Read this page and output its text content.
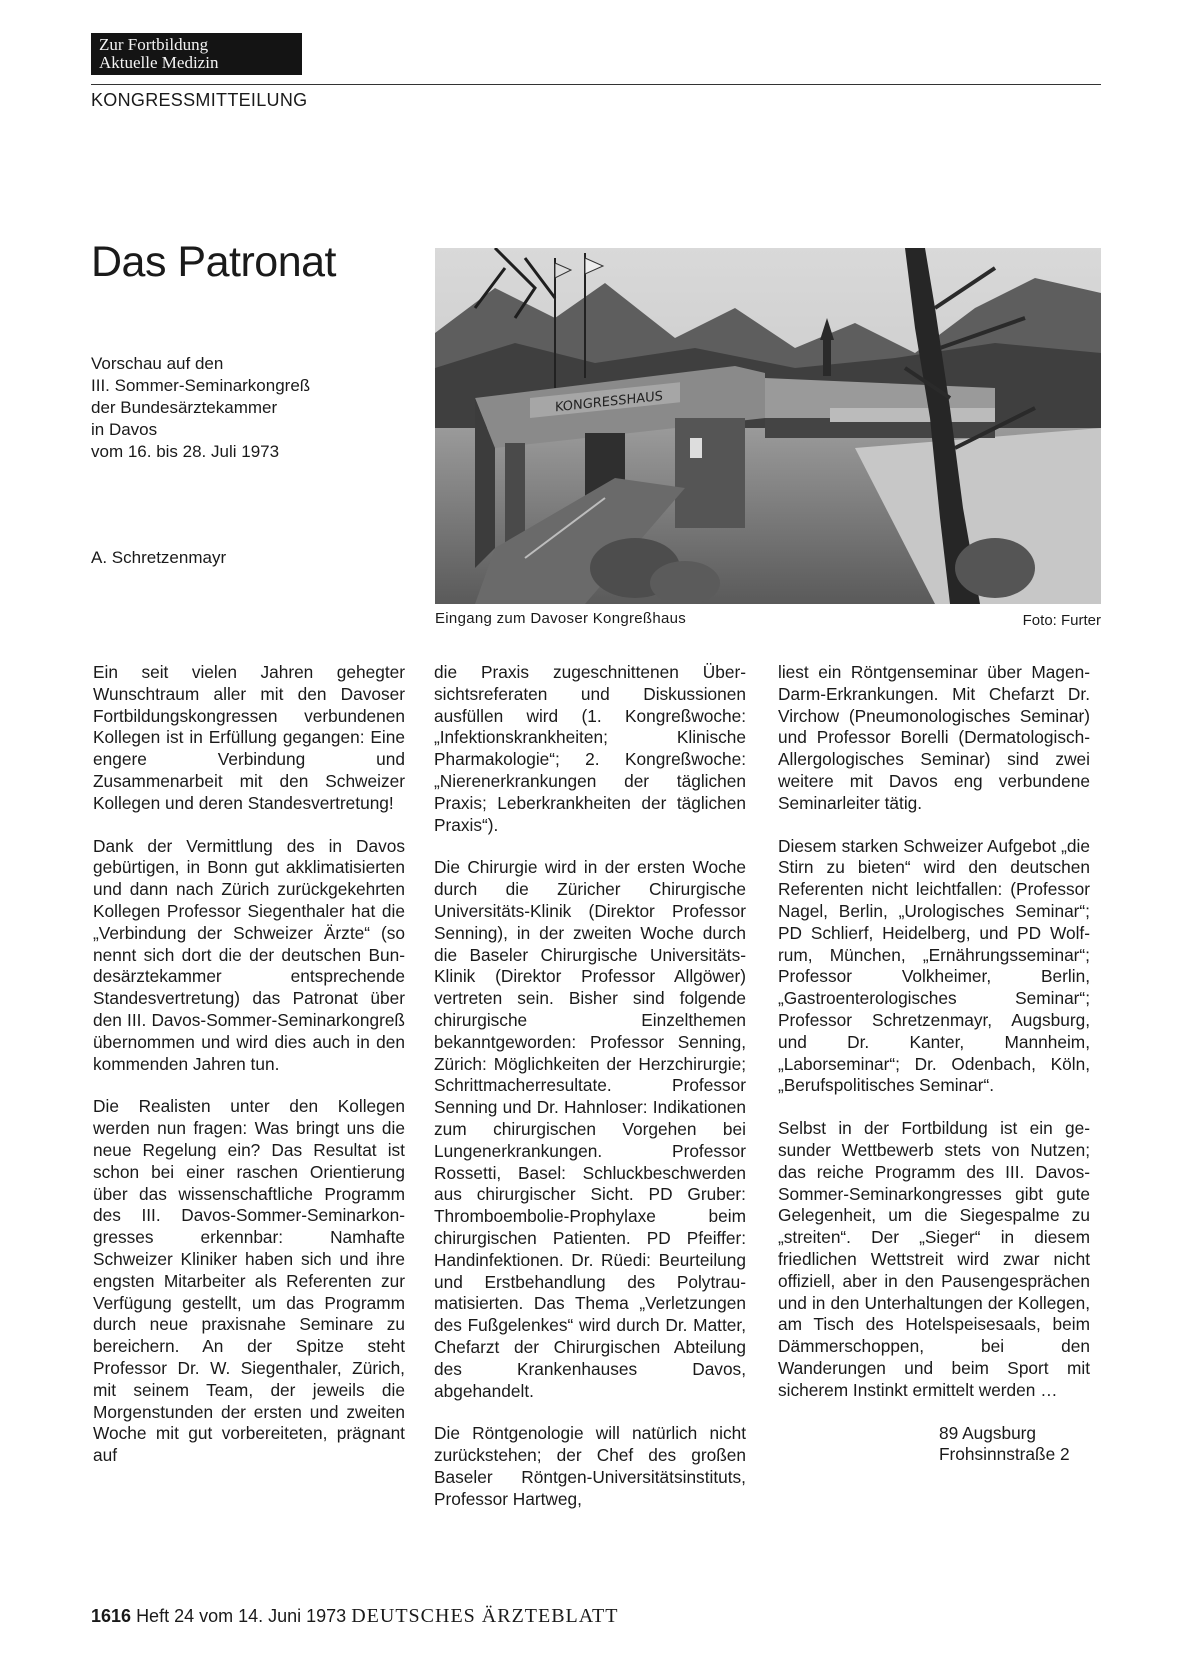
Zur Fortbildung
Aktuelle Medizin
KONGRESSMITTEILUNG
Das Patronat
Vorschau auf den
III. Sommer-Seminarkongreß
der Bundesärztekammer
in Davos
vom 16. bis 28. Juli 1973
A. Schretzenmayr
KONGRESSHAUS
Eingang zum Davoser Kongreßhaus	Foto: Furter

Ein seit vielen Jahren gehegter Wunschtraum aller mit den Davoser Fortbildungskongressen verbundenen Kollegen ist in Erfüllung gegangen: Eine engere Verbindung und Zusammenarbeit mit den Schweizer Kollegen und deren Standesvertretung!

Dank der Vermittlung des in Davos gebürtigen, in Bonn gut akklimatisierten und dann nach Zürich zurückgekehrten Kollegen Professor Siegenthaler hat die „Verbindung der Schweizer Ärzte“ (so nennt sich dort die der deutschen Bundesärztekammer entsprechende Standesvertretung) das Patronat über den III. Davos-Sommer-Seminarkongreß übernommen und wird dies auch in den kommenden Jahren tun.

Die Realisten unter den Kollegen werden nun fragen: Was bringt uns die neue Regelung ein? Das Resultat ist schon bei einer raschen Orientierung über das wissenschaftliche Programm des III. Davos-Sommer-Seminarkongresses erkennbar: Namhafte Schweizer Kliniker haben sich und ihre engsten Mitarbeiter als Referenten zur Verfügung gestellt, um das Programm durch neue praxisnahe Seminare zu bereichern. An der Spitze steht Professor Dr. W. Siegenthaler, Zürich, mit seinem Team, der jeweils die Morgenstunden der ersten und zweiten Woche mit gut vorbereiteten, prägnant auf

die Praxis zugeschnittenen Übersichtsreferaten und Diskussionen ausfüllen wird (1. Kongreßwoche: „Infektionskrankheiten; Klinische Pharmakologie“; 2. Kongreßwoche: „Nierenerkrankungen der täglichen Praxis; Leberkrankheiten der täglichen Praxis“).

Die Chirurgie wird in der ersten Woche durch die Züricher Chirurgische Universitäts-Klinik (Direktor Professor Senning), in der zweiten Woche durch die Baseler Chirurgische Universitäts-Klinik (Direktor Professor Allgöwer) vertreten sein. Bisher sind folgende chirurgische Einzelthemen bekanntgeworden: Professor Senning, Zürich: Möglichkeiten der Herzchirurgie; Schrittmacherresultate. Professor Senning und Dr. Hahnloser: Indikationen zum chirurgischen Vorgehen bei Lungenerkrankungen. Professor Rossetti, Basel: Schluckbeschwerden aus chirurgischer Sicht. PD Gruber: Thromboembolie-Prophylaxe beim chirurgischen Patienten. PD Pfeiffer: Handinfektionen. Dr. Rüedi: Beurteilung und Erstbehandlung des Polytraumatisierten. Das Thema „Verletzungen des Fußgelenkes“ wird durch Dr. Matter, Chefarzt der Chirurgischen Abteilung des Krankenhauses Davos, abgehandelt.

Die Röntgenologie will natürlich nicht zurückstehen; der Chef des großen Baseler Röntgen-Universitätsinstituts, Professor Hartweg,

liest ein Röntgenseminar über Magen-Darm-Erkrankungen. Mit Chefarzt Dr. Virchow (Pneumonologisches Seminar) und Professor Borelli (Dermatologisch-Allergologisches Seminar) sind zwei weitere mit Davos eng verbundene Seminarleiter tätig.

Diesem starken Schweizer Aufgebot „die Stirn zu bieten“ wird den deutschen Referenten nicht leichtfallen: (Professor Nagel, Berlin, „Urologisches Seminar“; PD Schlierf, Heidelberg, und PD Wolfrum, München, „Ernährungsseminar“; Professor Volkheimer, Berlin, „Gastroenterologisches Seminar“; Professor Schretzenmayr, Augsburg, und Dr. Kanter, Mannheim, „Laborseminar“; Dr. Odenbach, Köln, „Berufspolitisches Seminar“.

Selbst in der Fortbildung ist ein gesunder Wettbewerb stets von Nutzen; das reiche Programm des III. Davos-Sommer-Seminarkongresses gibt gute Gelegenheit, um die Siegespalme zu „streiten“. Der „Sieger“ in diesem friedlichen Wettstreit wird zwar nicht offiziell, aber in den Pausengesprächen und in den Unterhaltungen der Kollegen, am Tisch des Hotelspeisesaals, beim Dämmerschoppen, bei den Wanderungen und beim Sport mit sicherem Instinkt ermittelt werden …

89 Augsburg
Frohsinnstraße 2
1616 Heft 24 vom 14. Juni 1973 DEUTSCHES ÄRZTEBLATT
